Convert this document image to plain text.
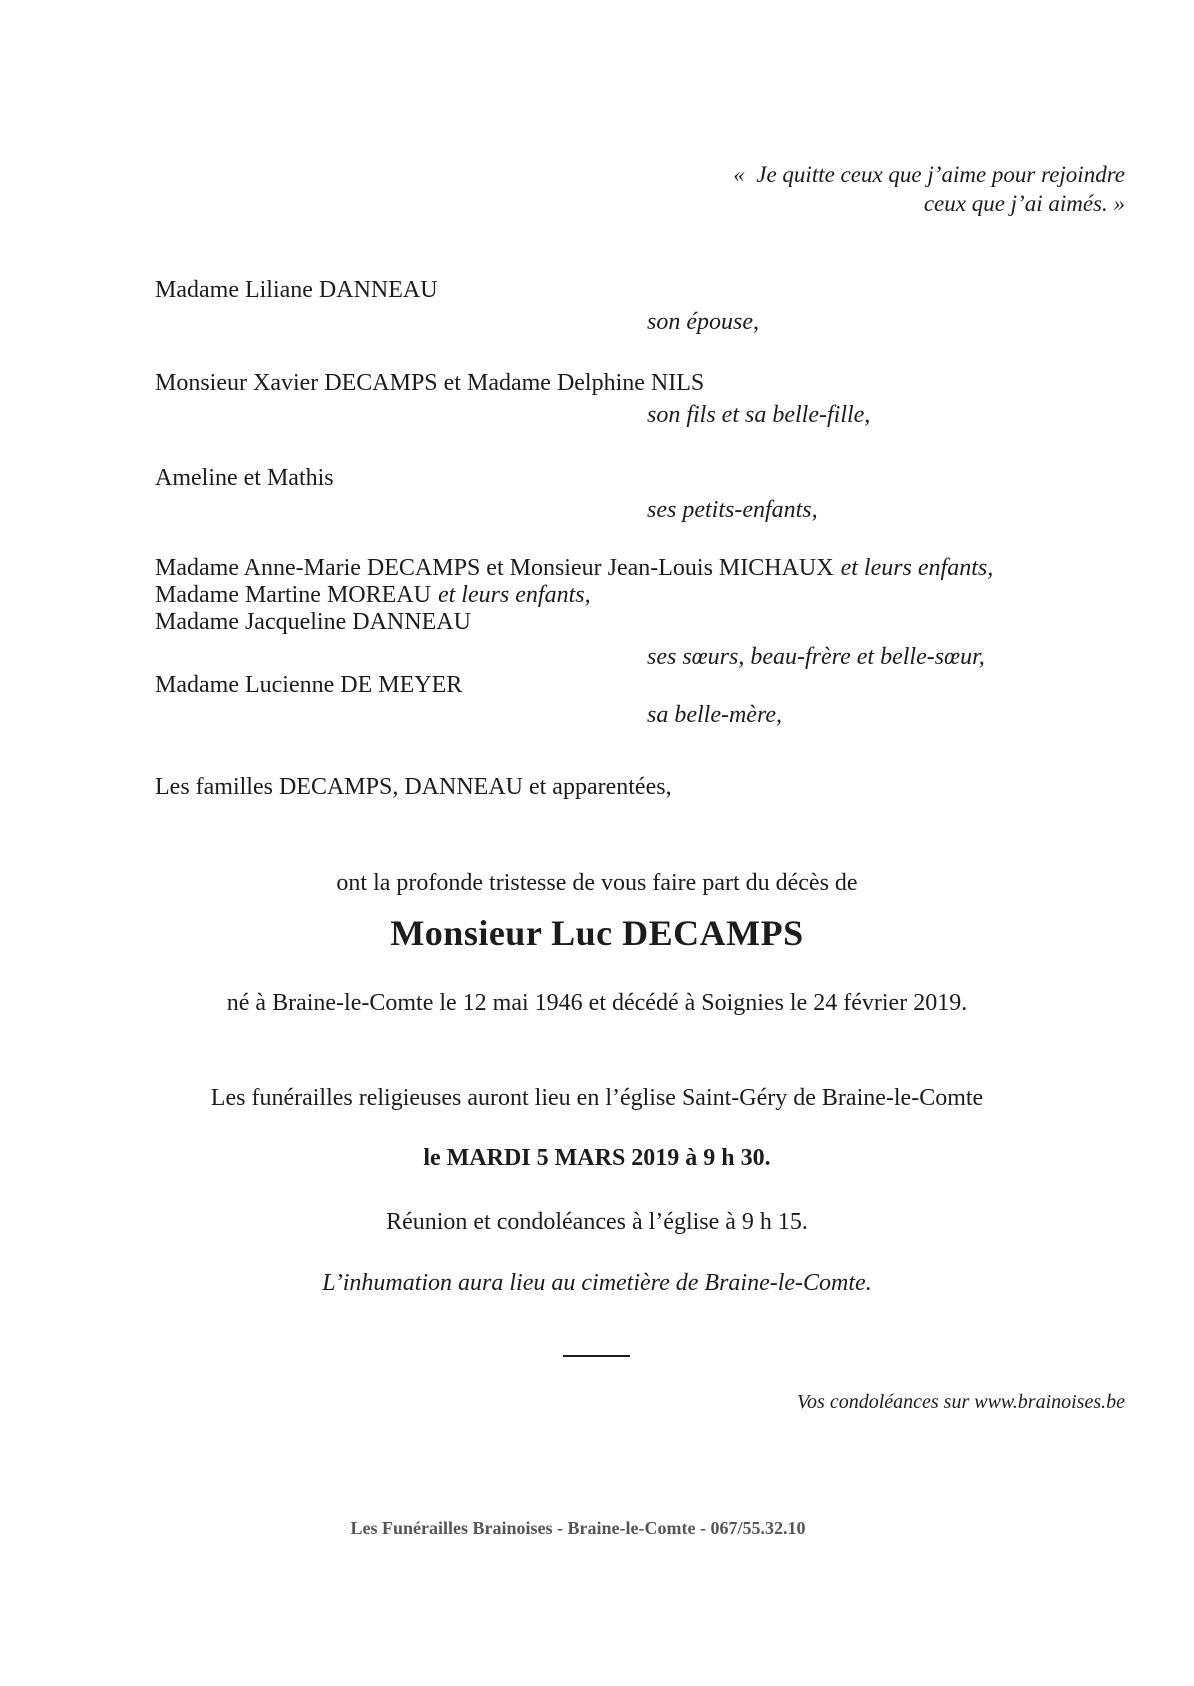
«  Je quitte ceux que j’aime pour rejoindre
ceux que j’ai aimés. »
Madame Liliane DANNEAU
son épouse,
Monsieur Xavier DECAMPS et Madame Delphine NILS
son fils et sa belle-fille,
Ameline et Mathis
ses petits-enfants,
Madame Anne-Marie DECAMPS et Monsieur Jean-Louis MICHAUX et leurs enfants,
Madame Martine MOREAU et leurs enfants,
Madame Jacqueline DANNEAU
ses sœurs, beau-frère et belle-sœur,
Madame Lucienne DE MEYER
sa belle-mère,
Les familles DECAMPS, DANNEAU et apparentées,
ont la profonde tristesse de vous faire part du décès de
Monsieur Luc DECAMPS
né à Braine-le-Comte le 12 mai 1946 et décédé à Soignies le 24 février 2019.
Les funérailles religieuses auront lieu en l’église Saint-Géry de Braine-le-Comte
le MARDI 5 MARS 2019 à 9 h 30.
Réunion et condoléances à l’église à 9 h 15.
L’inhumation aura lieu au cimetière de Braine-le-Comte.
Vos condoléances sur www.brainoises.be
Les Funérailles Brainoises - Braine-le-Comte - 067/55.32.10
